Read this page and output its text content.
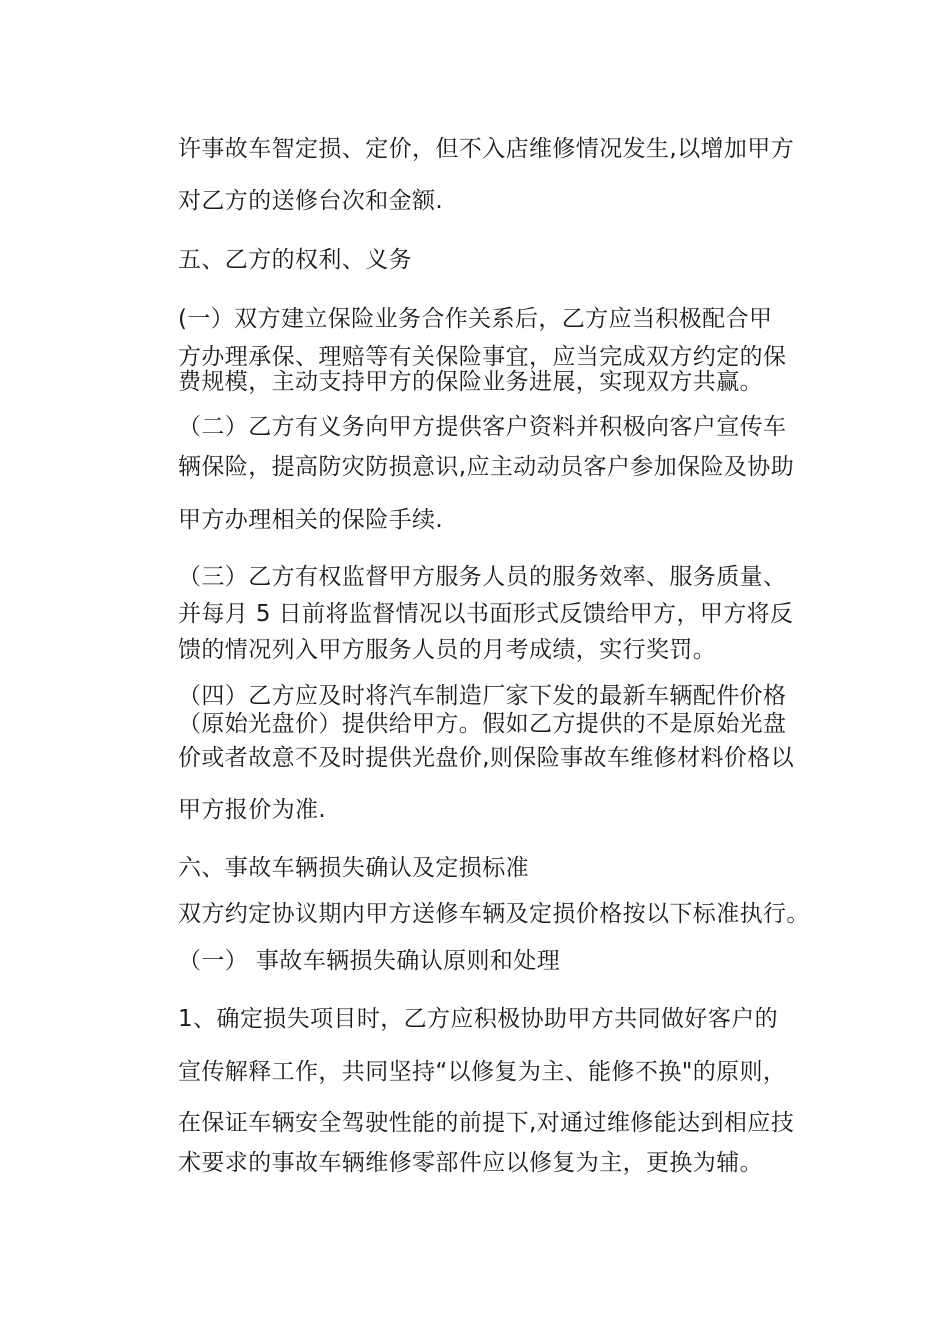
许事故车智定损、定价，但不入店维修情况发生,以增加甲方
对乙方的送修台次和金额.
五、乙方的权利、义务
(一）双方建立保险业务合作关系后，乙方应当积极配合甲
方办理承保、理赔等有关保险事宜，应当完成双方约定的保
费规模，主动支持甲方的保险业务进展，实现双方共赢。
（二）乙方有义务向甲方提供客户资料并积极向客户宣传车
辆保险，提高防灾防损意识,应主动动员客户参加保险及协助
甲方办理相关的保险手续.
（三）乙方有权监督甲方服务人员的服务效率、服务质量、
并每月 5 日前将监督情况以书面形式反馈给甲方，甲方将反
馈的情况列入甲方服务人员的月考成绩，实行奖罚。
（四）乙方应及时将汽车制造厂家下发的最新车辆配件价格
（原始光盘价）提供给甲方。假如乙方提供的不是原始光盘
价或者故意不及时提供光盘价,则保险事故车维修材料价格以
甲方报价为准.
六、事故车辆损失确认及定损标准
双方约定协议期内甲方送修车辆及定损价格按以下标准执行。
（一） 事故车辆损失确认原则和处理
1、确定损失项目时，乙方应积极协助甲方共同做好客户的
宣传解释工作，共同坚持“以修复为主、能修不换"的原则，
在保证车辆安全驾驶性能的前提下,对通过维修能达到相应技
术要求的事故车辆维修零部件应以修复为主，更换为辅。
